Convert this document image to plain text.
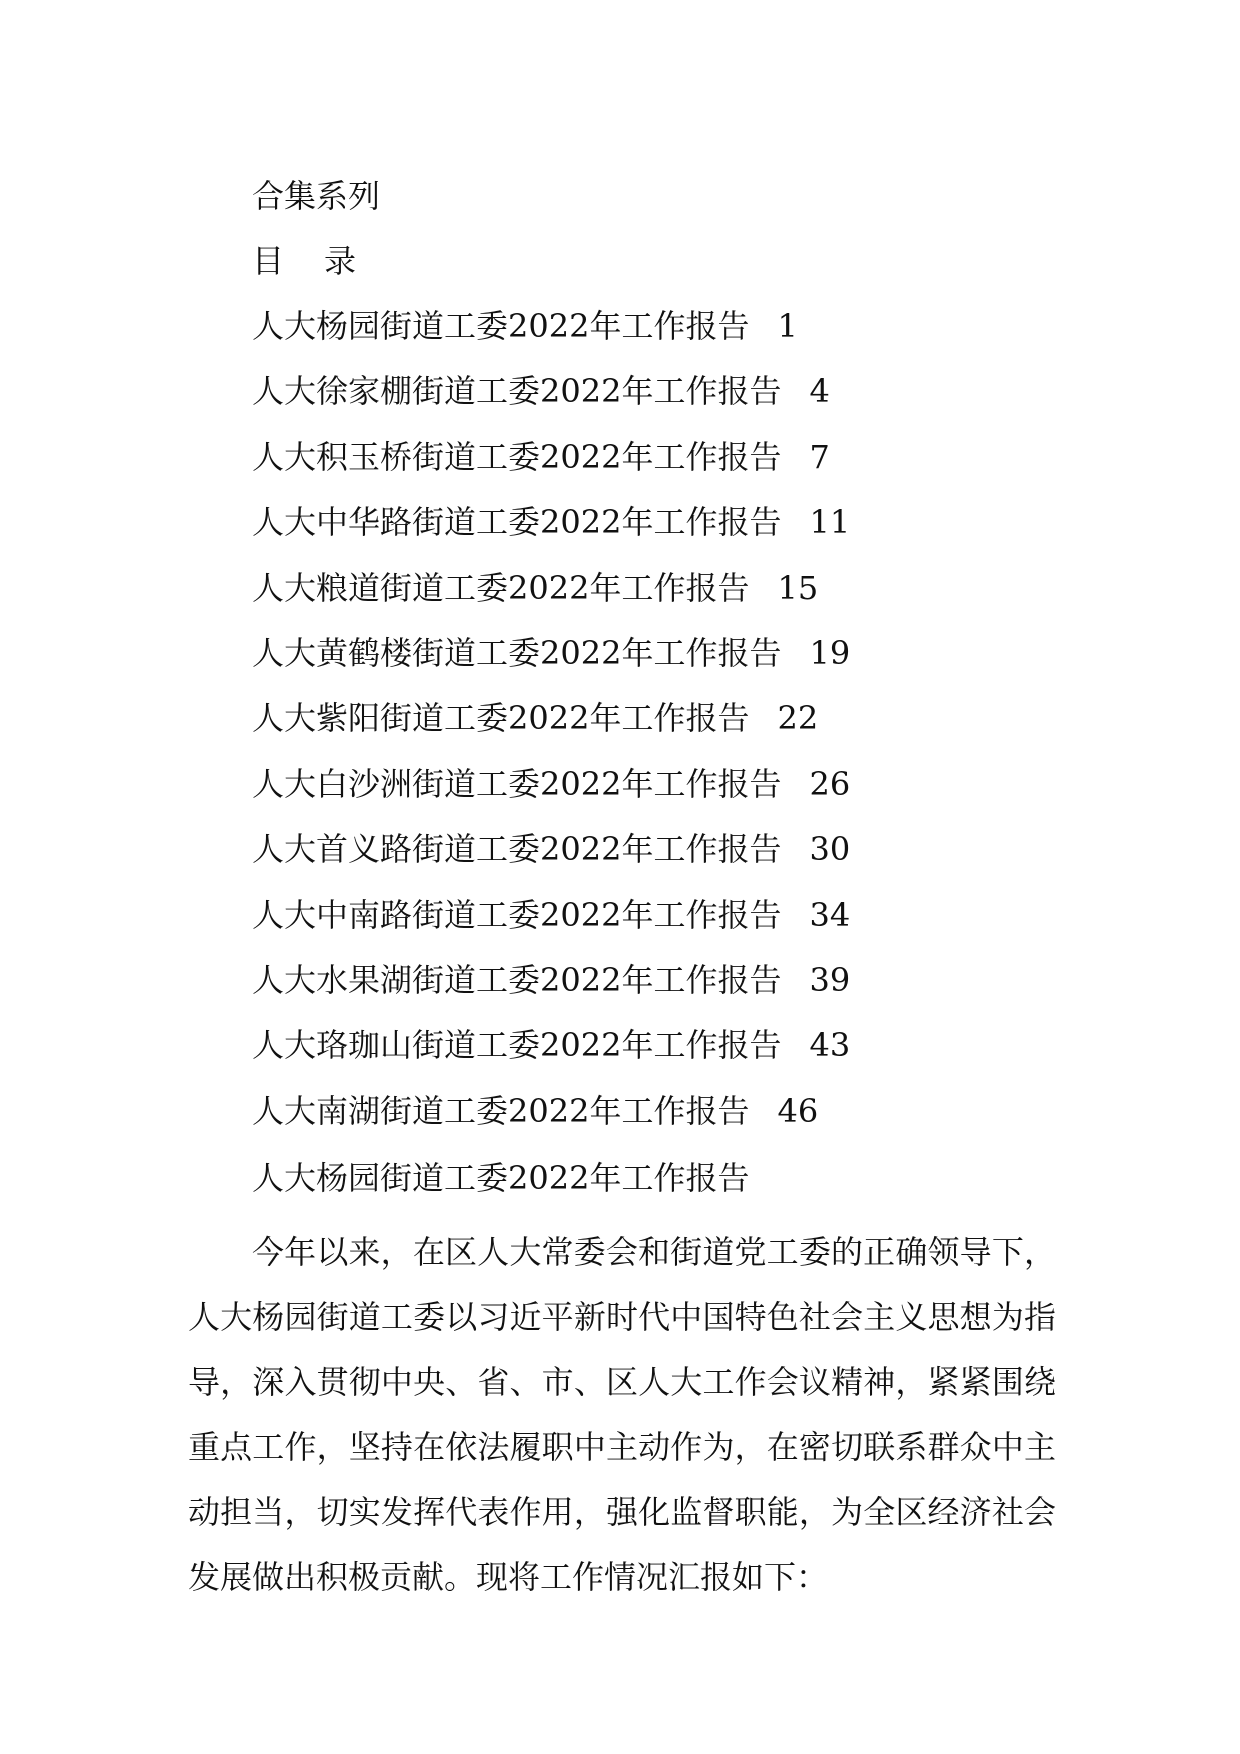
合集系列
目 录
人大杨园街道工委2022年工作报告 1
人大徐家棚街道工委2022年工作报告 4
人大积玉桥街道工委2022年工作报告 7
人大中华路街道工委2022年工作报告 11
人大粮道街道工委2022年工作报告 15
人大黄鹤楼街道工委2022年工作报告 19
人大紫阳街道工委2022年工作报告 22
人大白沙洲街道工委2022年工作报告 26
人大首义路街道工委2022年工作报告 30
人大中南路街道工委2022年工作报告 34
人大水果湖街道工委2022年工作报告 39
人大珞珈山街道工委2022年工作报告 43
人大南湖街道工委2022年工作报告 46
人大杨园街道工委2022年工作报告

今年以来，在区人大常委会和街道党工委的正确领导下，人大杨园街道工委以习近平新时代中国特色社会主义思想为指导，深入贯彻中央、省、市、区人大工作会议精神，紧紧围绕重点工作，坚持在依法履职中主动作为，在密切联系群众中主动担当，切实发挥代表作用，强化监督职能，为全区经济社会发展做出积极贡献。现将工作情况汇报如下：
